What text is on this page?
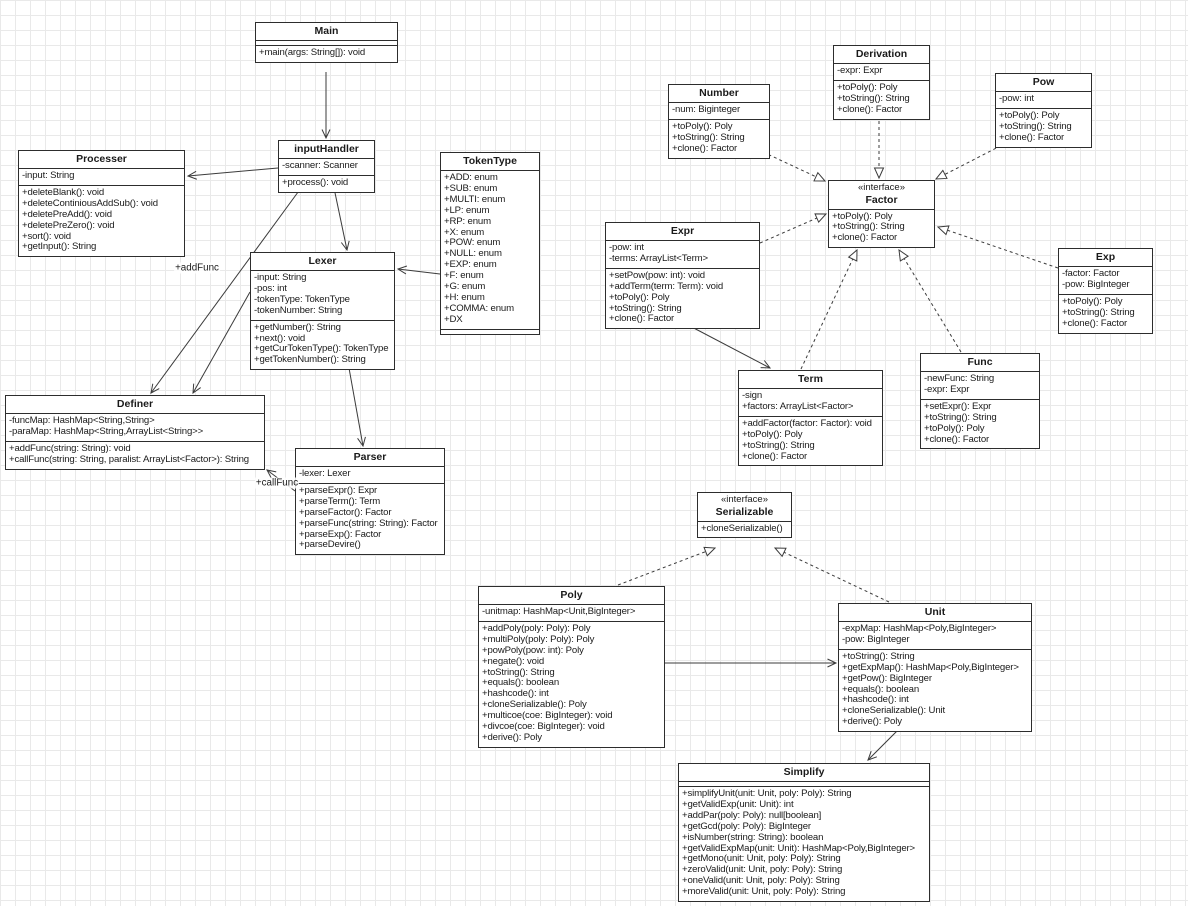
Main
+main(args: String[]): void
Processer
-input: String
+deleteBlank(): void
+deleteContiniousAddSub(): void
+deletePreAdd(): void
+deletePreZero(): void
+sort(): void
+getInput(): String
inputHandler
-scanner: Scanner
+process(): void
TokenType
+ADD: enum
+SUB: enum
+MULTI: enum
+LP: enum
+RP: enum
+X: enum
+POW: enum
+NULL: enum
+EXP: enum
+F: enum
+G: enum
+H: enum
+COMMA: enum
+DX
Lexer
-input: String
-pos: int
-tokenType: TokenType
-tokenNumber: String
+getNumber(): String
+next(): void
+getCurTokenType(): TokenType
+getTokenNumber(): String
Definer
-funcMap: HashMap<String,String>
-paraMap: HashMap<String,ArrayList<String>>
+addFunc(string: String): void
+callFunc(string: String, paralist: ArrayList<Factor>): String	Parser
-lexer: Lexer
+parseExpr(): Expr
+parseTerm(): Term
+parseFactor(): Factor
+parseFunc(string: String): Factor
+parseExp(): Factor
+parseDevire()
Number
-num: Biginteger
+toPoly(): Poly
+toString(): String
+clone(): Factor
Derivation
-expr: Expr
+toPoly(): Poly
+toString(): String
+clone(): Factor
Pow
-pow: int
+toPoly(): Poly
+toString(): String
+clone(): Factor
«interface»
Factor
+toPoly(): Poly
+toString(): String
+clone(): Factor
Expr
-pow: int
-terms: ArrayList<Term>
+setPow(pow: int): void
+addTerm(term: Term): void
+toPoly(): Poly
+toString(): String
+clone(): Factor
Exp
-factor: Factor
-pow: BigInteger
+toPoly(): Poly
+toString(): String
+clone(): Factor
Term
-sign
+factors: ArrayList<Factor>
+addFactor(factor: Factor): void
+toPoly(): Poly
+toString(): String
+clone(): Factor
Func
-newFunc: String
-expr: Expr
+setExpr(): Expr
+toString(): String
+toPoly(): Poly
+clone(): Factor
«interface»
Serializable
+cloneSerializable()
Poly
-unitmap: HashMap<Unit,BigInteger>
+addPoly(poly: Poly): Poly
+multiPoly(poly: Poly): Poly
+powPoly(pow: int): Poly
+negate(): void
+toString(): String
+equals(): boolean
+hashcode(): int
+cloneSerializable(): Poly
+multicoe(coe: BigInteger): void
+divcoe(coe: BigInteger): void
+derive(): Poly
Unit
-expMap: HashMap<Poly,BigInteger>
-pow: BigInteger
+toString(): String
+getExpMap(): HashMap<Poly,BigInteger>
+getPow(): BigInteger
+equals(): boolean
+hashcode(): int
+cloneSerializable(): Unit
+derive(): Poly
Simplify
+simplifyUnit(unit: Unit, poly: Poly): String
+getValidExp(unit: Unit): int
+addPar(poly: Poly): null[boolean]
+getGcd(poly: Poly): BigInteger
+isNumber(string: String): boolean
+getValidExpMap(unit: Unit): HashMap<Poly,BigInteger>
+getMono(unit: Unit, poly: Poly): String
+zeroValid(unit: Unit, poly: Poly): String
+oneValid(unit: Unit, poly: Poly): String
+moreValid(unit: Unit, poly: Poly): String
+addFunc
+callFunc
